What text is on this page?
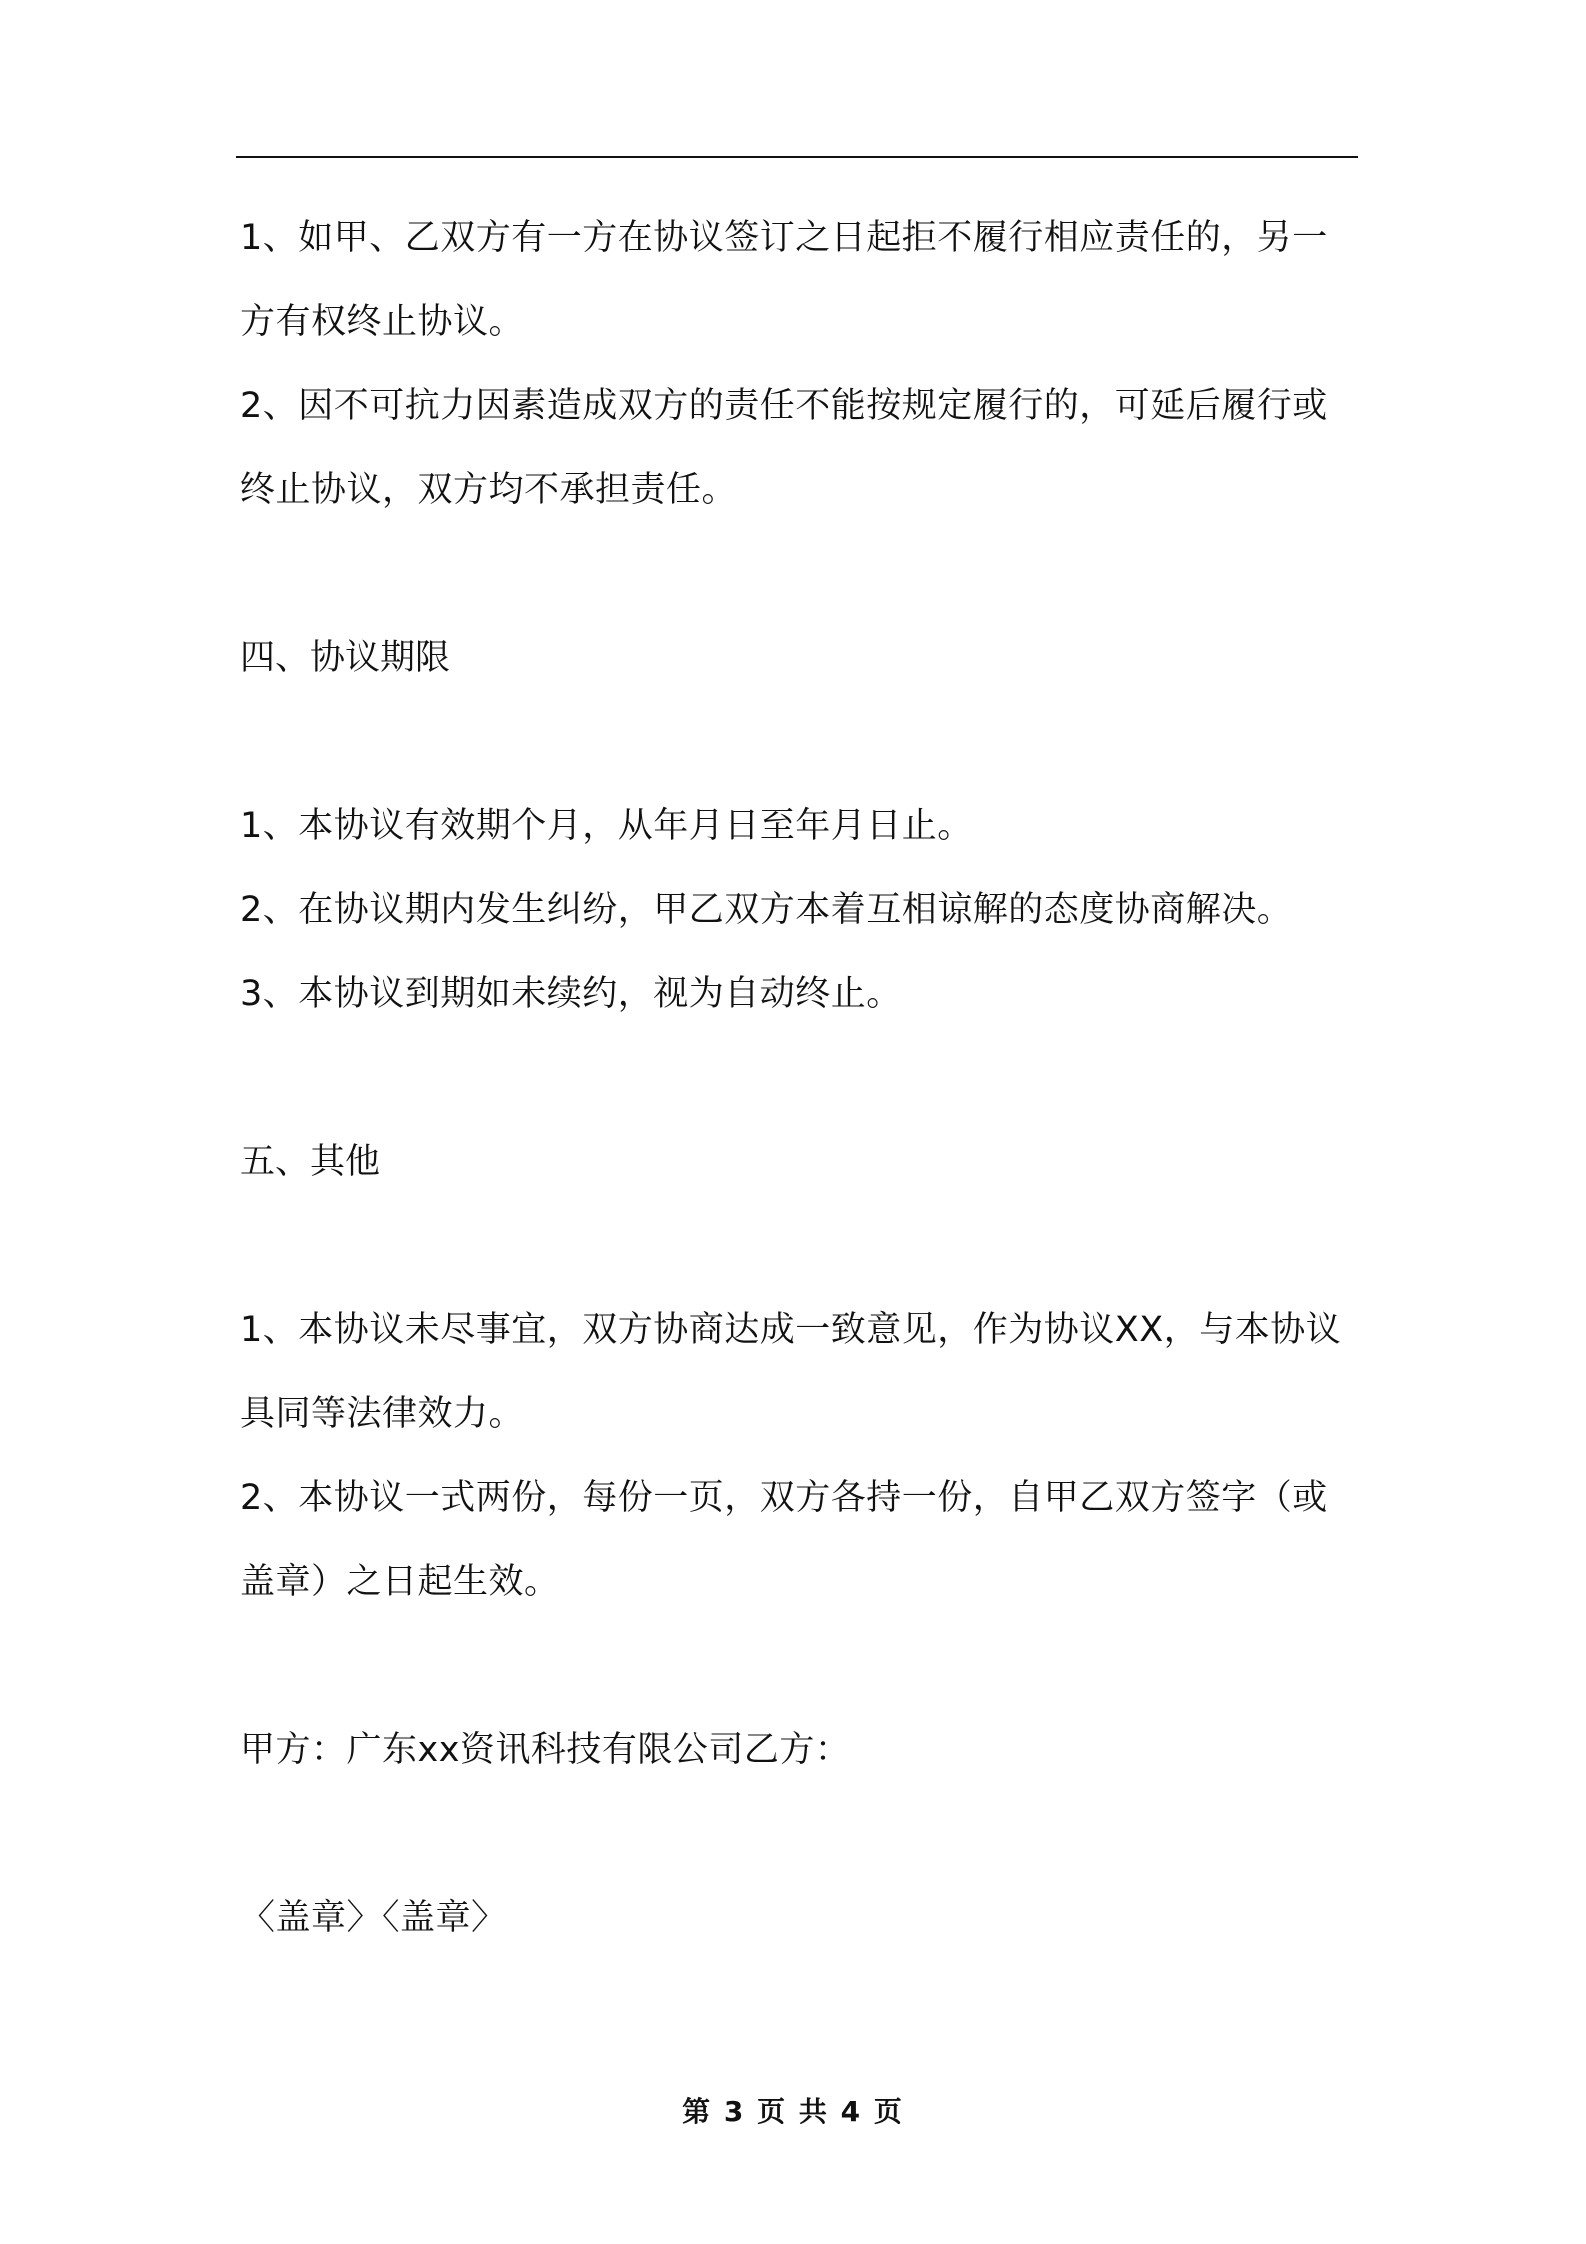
1、如甲、乙双方有一方在协议签订之日起拒不履行相应责任的，另一方有权终止协议。

2、因不可抗力因素造成双方的责任不能按规定履行的，可延后履行或终止协议，双方均不承担责任。

四、协议期限

1、本协议有效期个月，从年月日至年月日止。

2、在协议期内发生纠纷，甲乙双方本着互相谅解的态度协商解决。

3、本协议到期如未续约，视为自动终止。

五、其他

1、本协议未尽事宜，双方协商达成一致意见，作为协议XX，与本协议具同等法律效力。

2、本协议一式两份，每份一页，双方各持一份，自甲乙双方签字（或盖章）之日起生效。

甲方：广东xx资讯科技有限公司乙方：

〈盖章〉〈盖章〉

第 3 页 共 4 页
